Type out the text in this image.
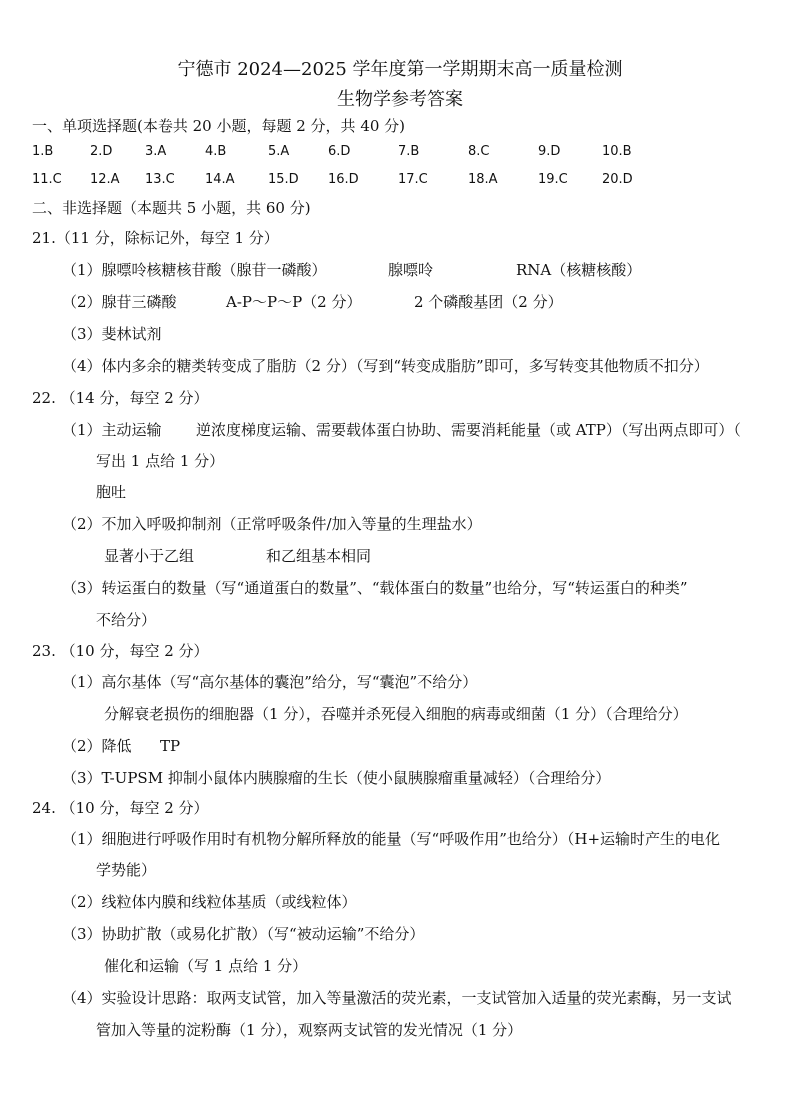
宁德市 2024—2025 学年度第一学期期末高一质量检测
生物学参考答案
一、单项选择题(本卷共 20 小题，每题 2 分，共 40 分)
1.B	2.D	3.A	4.B	5.A	6.D	7.B	8.C	9.D	10.B
11.C 12.A 13.C 14.A	15.D 16.D	17.C	18.A	19.C	20.D
二、非选择题（本题共 5 小题，共 60 分)
21.（11 分，除标记外，每空 1 分）
（1）腺嘌呤核糖核苷酸（腺苷一磷酸）	腺嘌呤	RNA（核糖核酸）
（2）腺苷三磷酸	A-P～P～P（2 分）	2 个磷酸基团（2 分）
（3）斐林试剂
（4）体内多余的糖类转变成了脂肪（2 分）（写到“转变成脂肪”即可，多写转变其他物质不扣分）
22. （14 分，每空 2 分）
（1）主动运输 逆浓度梯度运输、需要载体蛋白协助、需要消耗能量（或 ATP）（写出两点即可）（
写出 1 点给 1 分）
胞吐
（2）不加入呼吸抑制剂（正常呼吸条件/加入等量的生理盐水）
显著小于乙组	和乙组基本相同
（3）转运蛋白的数量（写“通道蛋白的数量”、“载体蛋白的数量”也给分，写“转运蛋白的种类”
不给分）
23. （10 分，每空 2 分）
（1）高尔基体（写“高尔基体的囊泡”给分，写“囊泡”不给分）
分解衰老损伤的细胞器（1 分），吞噬并杀死侵入细胞的病毒或细菌（1 分）（合理给分）
（2）降低 TP
（3）T-UPSM 抑制小鼠体内胰腺瘤的生长（使小鼠胰腺瘤重量减轻）（合理给分）
24. （10 分，每空 2 分）
（1）细胞进行呼吸作用时有机物分解所释放的能量（写“呼吸作用”也给分）（H+运输时产生的电化
学势能）
（2）线粒体内膜和线粒体基质（或线粒体）
（3）协助扩散（或易化扩散）（写“被动运输”不给分）
催化和运输（写 1 点给 1 分）
（4）实验设计思路：取两支试管，加入等量激活的荧光素，一支试管加入适量的荧光素酶，另一支试
管加入等量的淀粉酶（1 分），观察两支试管的发光情况（1 分）
